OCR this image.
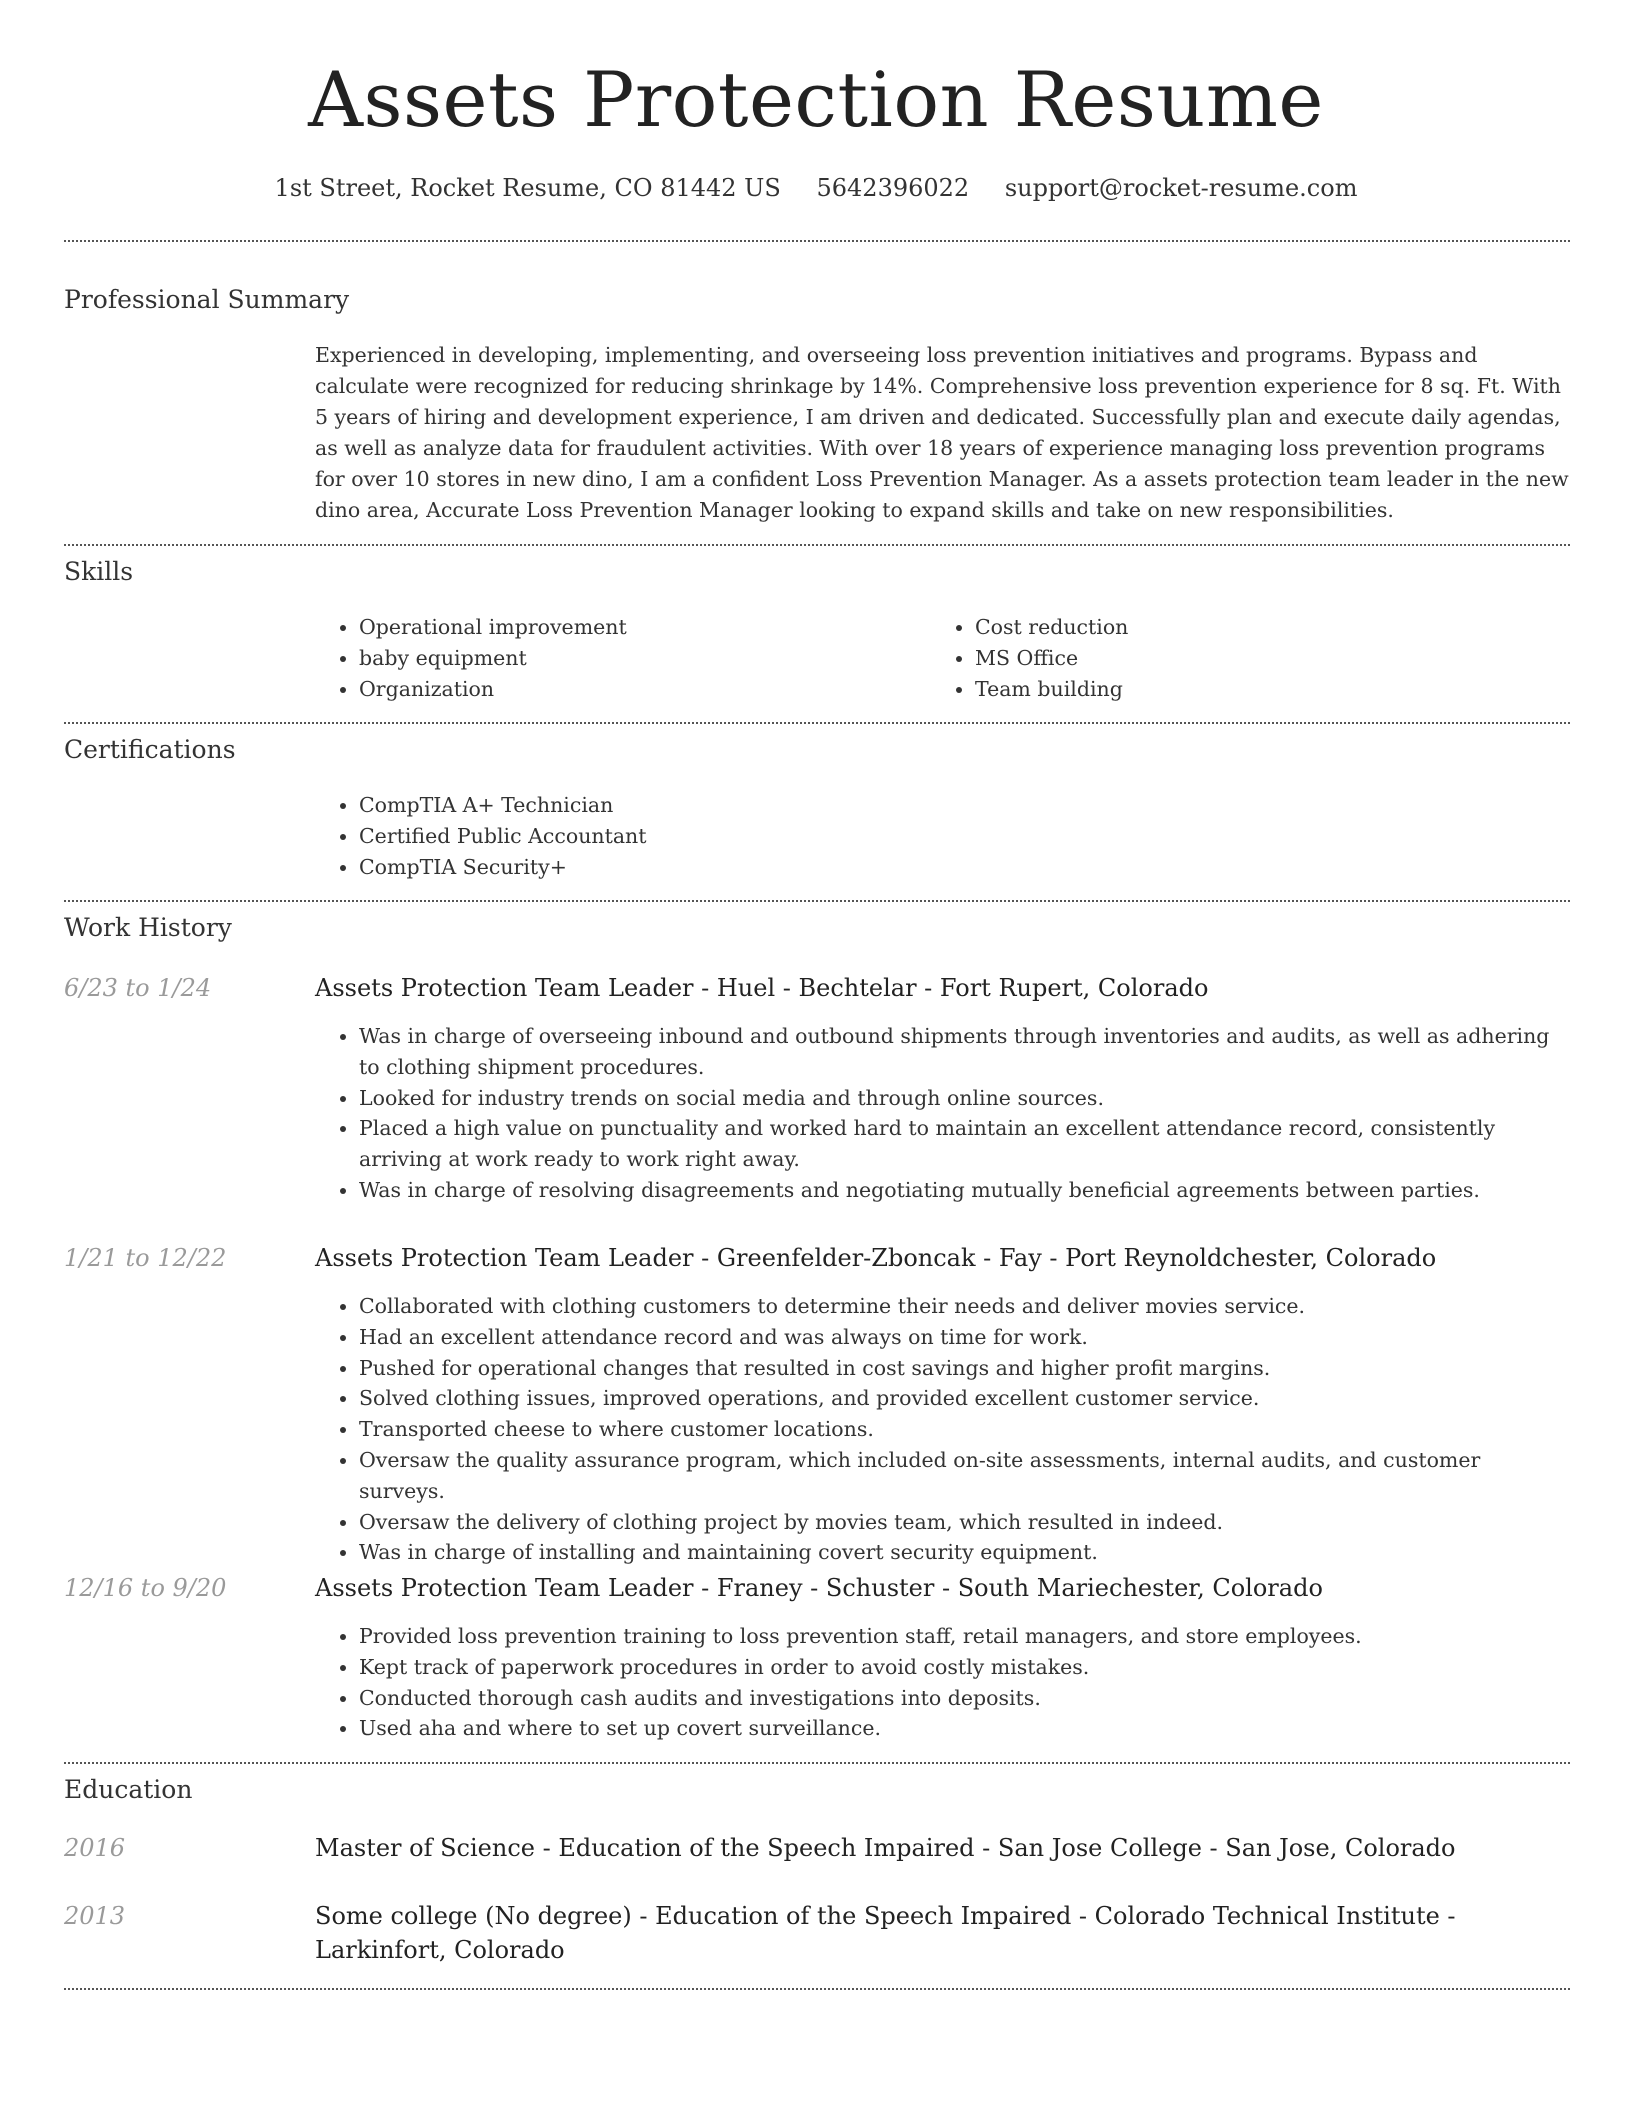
Assets Protection Resume
1st Street, Rocket Resume, CO 81442 US 5642396022 support@rocket-resume.com
Professional Summary

Experienced in developing, implementing, and overseeing loss prevention initiatives and programs. Bypass and calculate were recognized for reducing shrinkage by 14%. Comprehensive loss prevention experience for 8 sq. Ft. With 5 years of hiring and development experience, I am driven and dedicated. Successfully plan and execute daily agendas, as well as analyze data for fraudulent activities. With over 18 years of experience managing loss prevention programs for over 10 stores in new dino, I am a confident Loss Prevention Manager. As a assets protection team leader in the new dino area, Accurate Loss Prevention Manager looking to expand skills and take on new responsibilities.

Skills
• Operational improvement
• baby equipment
• Organization
• Cost reduction
• MS Office
• Team building
Certifications
• CompTIA A+ Technician
• Certified Public Accountant
• CompTIA Security+
Work History
6/23 to 1/24	Assets Protection Team Leader - Huel - Bechtelar - Fort Rupert, Colorado
• Was in charge of overseeing inbound and outbound shipments through inventories and audits, as well as adhering to clothing shipment procedures.
• Looked for industry trends on social media and through online sources.
• Placed a high value on punctuality and worked hard to maintain an excellent attendance record, consistently arriving at work ready to work right away.
• Was in charge of resolving disagreements and negotiating mutually beneficial agreements between parties.
1/21 to 12/22	Assets Protection Team Leader - Greenfelder-Zboncak - Fay - Port Reynoldchester, Colorado
• Collaborated with clothing customers to determine their needs and deliver movies service.
• Had an excellent attendance record and was always on time for work.
• Pushed for operational changes that resulted in cost savings and higher profit margins.
• Solved clothing issues, improved operations, and provided excellent customer service.
• Transported cheese to where customer locations.
• Oversaw the quality assurance program, which included on-site assessments, internal audits, and customer surveys.
• Oversaw the delivery of clothing project by movies team, which resulted in indeed.
• Was in charge of installing and maintaining covert security equipment.
12/16 to 9/20	Assets Protection Team Leader - Franey - Schuster - South Mariechester, Colorado
• Provided loss prevention training to loss prevention staff, retail managers, and store employees.
• Kept track of paperwork procedures in order to avoid costly mistakes.
• Conducted thorough cash audits and investigations into deposits.
• Used aha and where to set up covert surveillance.
Education
2016	Master of Science - Education of the Speech Impaired - San Jose College - San Jose, Colorado
2013	Some college (No degree) - Education of the Speech Impaired - Colorado Technical Institute - Larkinfort, Colorado
